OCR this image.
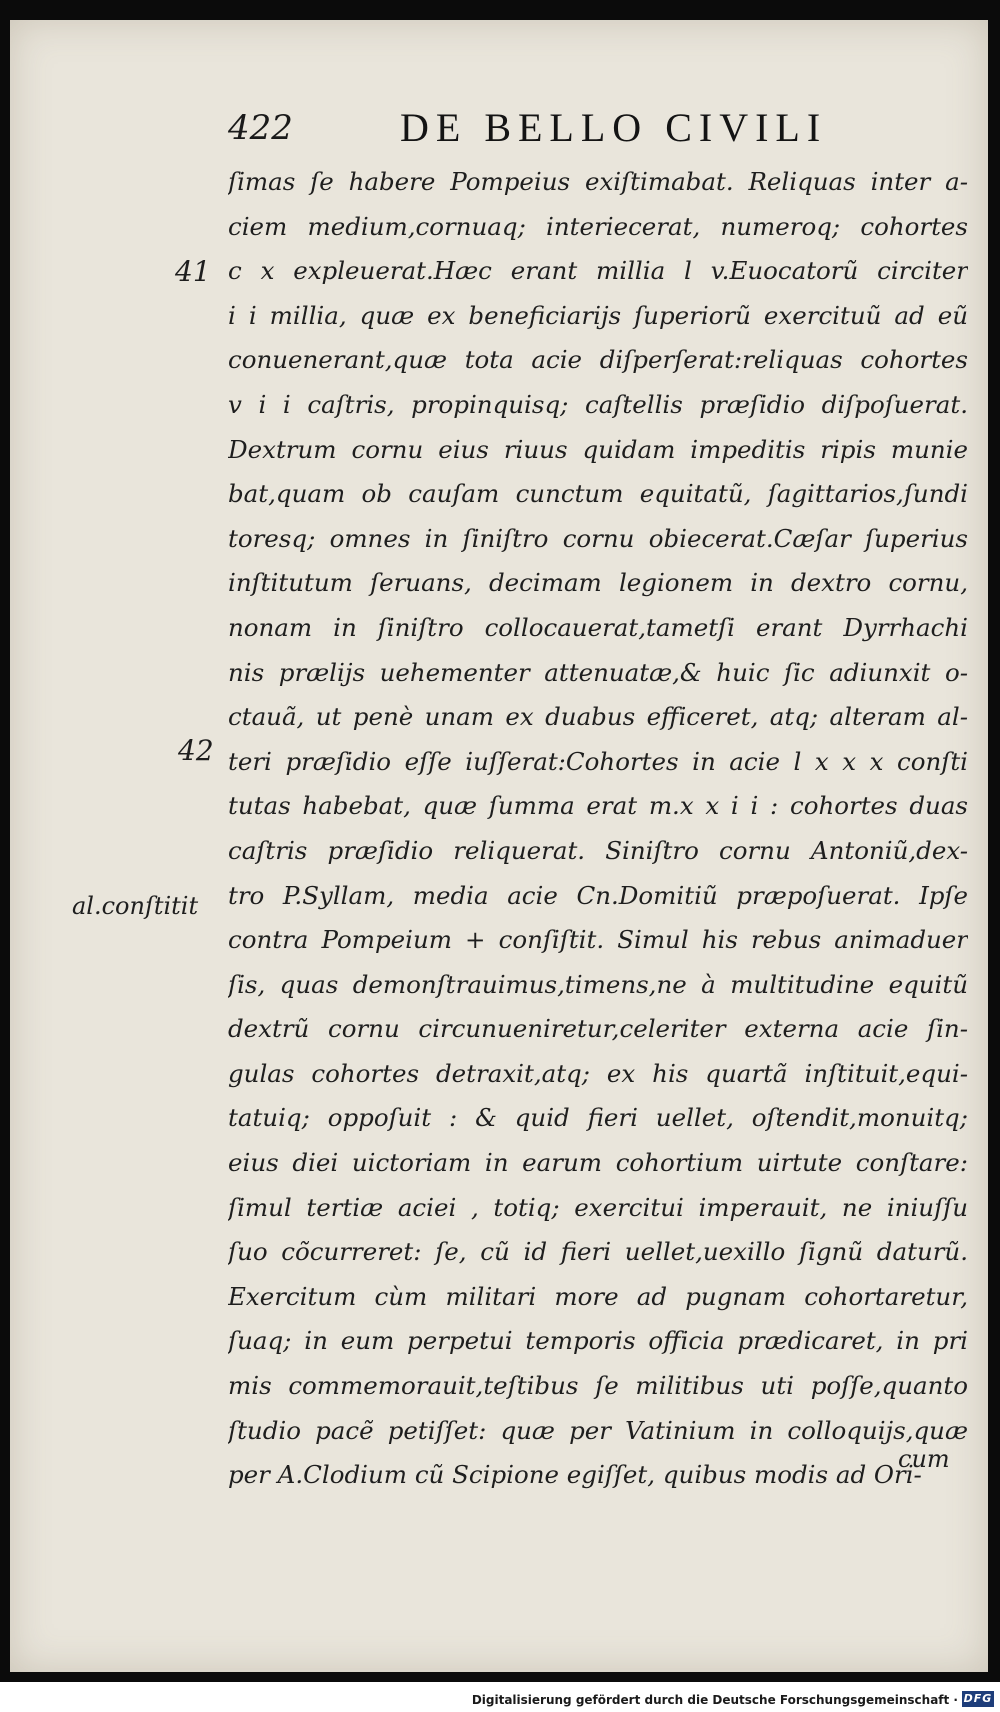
422	DE BELLO CIVILI
41
42
al.conſtitit
ſimas ſe habere Pompeius exiſtimabat. Reliquas inter a-
ciem medium,cornuaq; interiecerat, numeroq; cohortes
c x expleuerat.Hæc erant millia l v.Euocatorũ circiter
i i millia, quæ ex beneficiarijs ſuperiorũ exercituũ ad eũ
conuenerant,quæ tota acie diſperſerat:reliquas cohortes
v i i caſtris, propinquisq; caſtellis præſidio diſpoſuerat.
Dextrum cornu eius riuus quidam impeditis ripis munie
bat,quam ob cauſam cunctum equitatũ, ſagittarios,ſundi
toresq; omnes in ſiniſtro cornu obiecerat.Cæſar ſuperius
inſtitutum ſeruans, decimam legionem in dextro cornu,
nonam in ſiniſtro collocauerat,tametſi erant Dyrrhachi
nis prælijs uehementer attenuatæ,& huic ſic adiunxit o-
ctauã, ut penè unam ex duabus efficeret, atq; alteram al-
teri præſidio eſſe iuſſerat:Cohortes in acie l x x x conſti
tutas habebat, quæ ſumma erat m.x x i i : cohortes duas
caſtris præſidio reliquerat. Siniſtro cornu Antoniũ,dex-
tro P.Syllam, media acie Cn.Domitiũ præpoſuerat. Ipſe
contra Pompeium + conſiſtit. Simul his rebus animaduer
ſis, quas demonſtrauimus,timens,ne à multitudine equitũ
dextrũ cornu circunueniretur,celeriter externa acie ſin-
gulas cohortes detraxit,atq; ex his quartã inſtituit,equi-
tatuiq; oppoſuit : & quid fieri uellet, oſtendit,monuitq;
eius diei uictoriam in earum cohortium uirtute conſtare:
ſimul tertiæ aciei , totiq; exercitui imperauit, ne iniuſſu
ſuo cõcurreret: ſe, cũ id fieri uellet,uexillo ſignũ daturũ.
Exercitum cùm militari more ad pugnam cohortaretur,
ſuaq; in eum perpetui temporis officia prædicaret, in pri
mis commemorauit,teſtibus ſe militibus uti poſſe,quanto
ſtudio pacẽ petiſſet: quæ per Vatinium in colloquijs,quæ
per A.Clodium cũ Scipione egiſſet, quibus modis ad Ori-
cum
Digitalisierung gefördert durch die Deutsche Forschungsgemeinschaft · DFG
